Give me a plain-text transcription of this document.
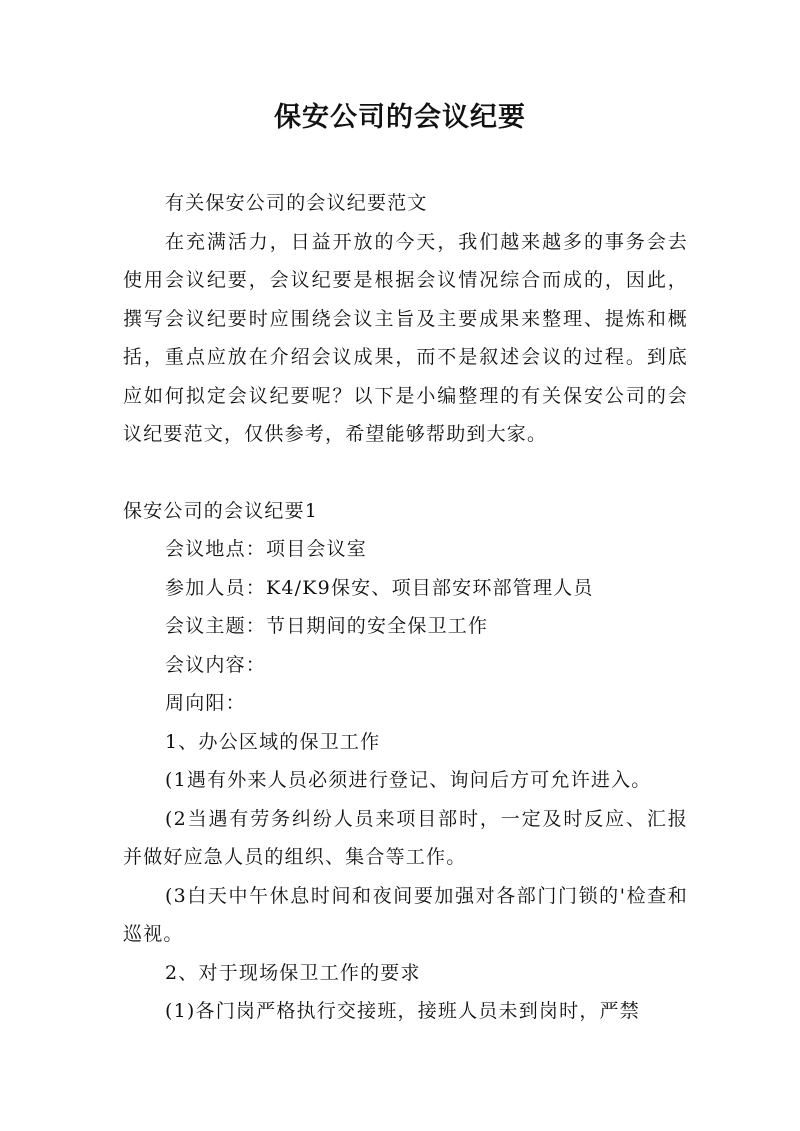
保安公司的会议纪要

有关保安公司的会议纪要范文

在充满活力，日益开放的今天，我们越来越多的事务会去使用会议纪要，会议纪要是根据会议情况综合而成的，因此，撰写会议纪要时应围绕会议主旨及主要成果来整理、提炼和概括，重点应放在介绍会议成果，而不是叙述会议的过程。到底应如何拟定会议纪要呢？以下是小编整理的有关保安公司的会议纪要范文，仅供参考，希望能够帮助到大家。

保安公司的会议纪要1

会议地点：项目会议室

参加人员：K4/K9保安、项目部安环部管理人员

会议主题：节日期间的安全保卫工作

会议内容：

周向阳：

1、办公区域的保卫工作

(1遇有外来人员必须进行登记、询问后方可允许进入。

(2当遇有劳务纠纷人员来项目部时，一定及时反应、汇报并做好应急人员的组织、集合等工作。

(3白天中午休息时间和夜间要加强对各部门门锁的'检查和巡视。

2、对于现场保卫工作的要求

(1)各门岗严格执行交接班，接班人员未到岗时，严禁
